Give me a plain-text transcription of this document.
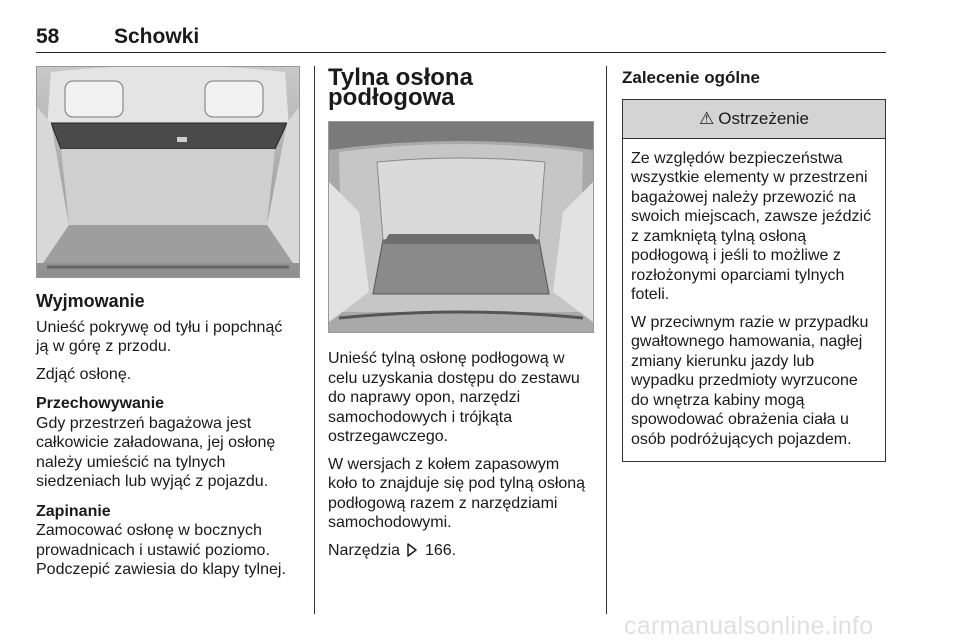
58	Schowki
Wyjmowanie

Unieść pokrywę od tyłu i popchnąć ją w górę z przodu.

Zdjąć osłonę.

Przechowywanie

Gdy przestrzeń bagażowa jest całkowicie załadowana, jej osłonę należy umieścić na tylnych siedzeniach lub wyjąć z pojazdu.

Zapinanie

Zamocować osłonę w bocznych prowadnicach i ustawić poziomo. Podczepić zawiesia do klapy tylnej.

Tylna osłona podłogowa

Unieść tylną osłonę podłogową w celu uzyskania dostępu do zestawu do naprawy opon, narzędzi samochodowych i trójkąta ostrzegawczego.

W wersjach z kołem zapasowym koło to znajduje się pod tylną osłoną podłogową razem z narzędziami samochodowymi.

Narzędzia 166.

Zalecenie ogólne
⚠ Ostrzeżenie

Ze względów bezpieczeństwa wszystkie elementy w przestrzeni bagażowej należy przewozić na swoich miejscach, zawsze jeździć z zamkniętą tylną osłoną podłogową i jeśli to możliwe z rozłożonymi oparciami tylnych foteli.

W przeciwnym razie w przypadku gwałtownego hamowania, nagłej zmiany kierunku jazdy lub wypadku przedmioty wyrzucone do wnętrza kabiny mogą spowodować obrażenia ciała u osób podróżujących pojazdem.

carmanualsonline.info
